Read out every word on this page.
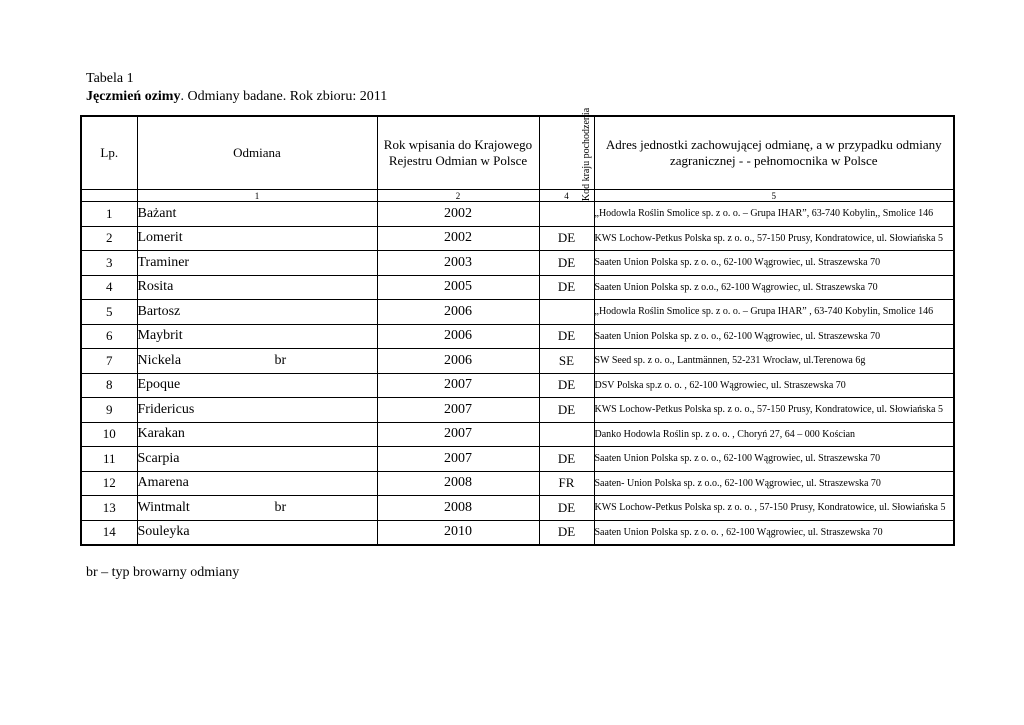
Tabela 1
Jęczmień ozimy. Odmiany badane. Rok zbioru: 2011
Lp.	Odmiana	Rok wpisania do Krajowego Rejestru Odmian w Polsce	Kod kraju pochodzenia	Adres jednostki zachowującej odmianę, a w przypadku odmiany zagranicznej - - pełnomocnika w Polsce
	1	2	4	5
1	Bażant	2002		„Hodowla Roślin Smolice sp. z o. o. – Grupa IHAR”, 63-740 Kobylin,, Smolice 146
2	Lomerit	2002	DE	KWS Lochow-Petkus Polska sp. z o. o., 57-150 Prusy, Kondratowice, ul. Słowiańska 5
3	Traminer	2003	DE	Saaten Union Polska sp. z o. o., 62-100 Wągrowiec, ul. Straszewska 70
4	Rosita	2005	DE	Saaten Union Polska sp. z o.o., 62-100 Wągrowiec, ul. Straszewska 70
5	Bartosz	2006		„Hodowla Roślin Smolice sp. z o. o. – Grupa IHAR” , 63-740 Kobylin, Smolice 146
6	Maybrit	2006	DE	Saaten Union Polska sp. z o. o., 62-100 Wągrowiec, ul. Straszewska 70
7	Nickela br	2006	SE	SW Seed sp. z o. o., Lantmännen, 52-231 Wrocław, ul.Terenowa 6g
8	Epoque	2007	DE	DSV Polska sp.z o. o. , 62-100 Wągrowiec, ul. Straszewska 70
9	Fridericus	2007	DE	KWS Lochow-Petkus Polska sp. z o. o., 57-150 Prusy, Kondratowice, ul. Słowiańska 5
10	Karakan	2007		Danko Hodowla Roślin sp. z o. o. , Choryń 27, 64 – 000 Kościan
11	Scarpia	2007	DE	Saaten Union Polska sp. z o. o., 62-100 Wągrowiec, ul. Straszewska 70
12	Amarena	2008	FR	Saaten- Union Polska sp. z o.o., 62-100 Wągrowiec, ul. Straszewska 70
13	Wintmalt br	2008	DE	KWS Lochow-Petkus Polska sp. z o. o. , 57-150 Prusy, Kondratowice, ul. Słowiańska 5
14	Souleyka	2010	DE	Saaten Union Polska sp. z o. o. , 62-100 Wągrowiec, ul. Straszewska 70
br – typ browarny odmiany
